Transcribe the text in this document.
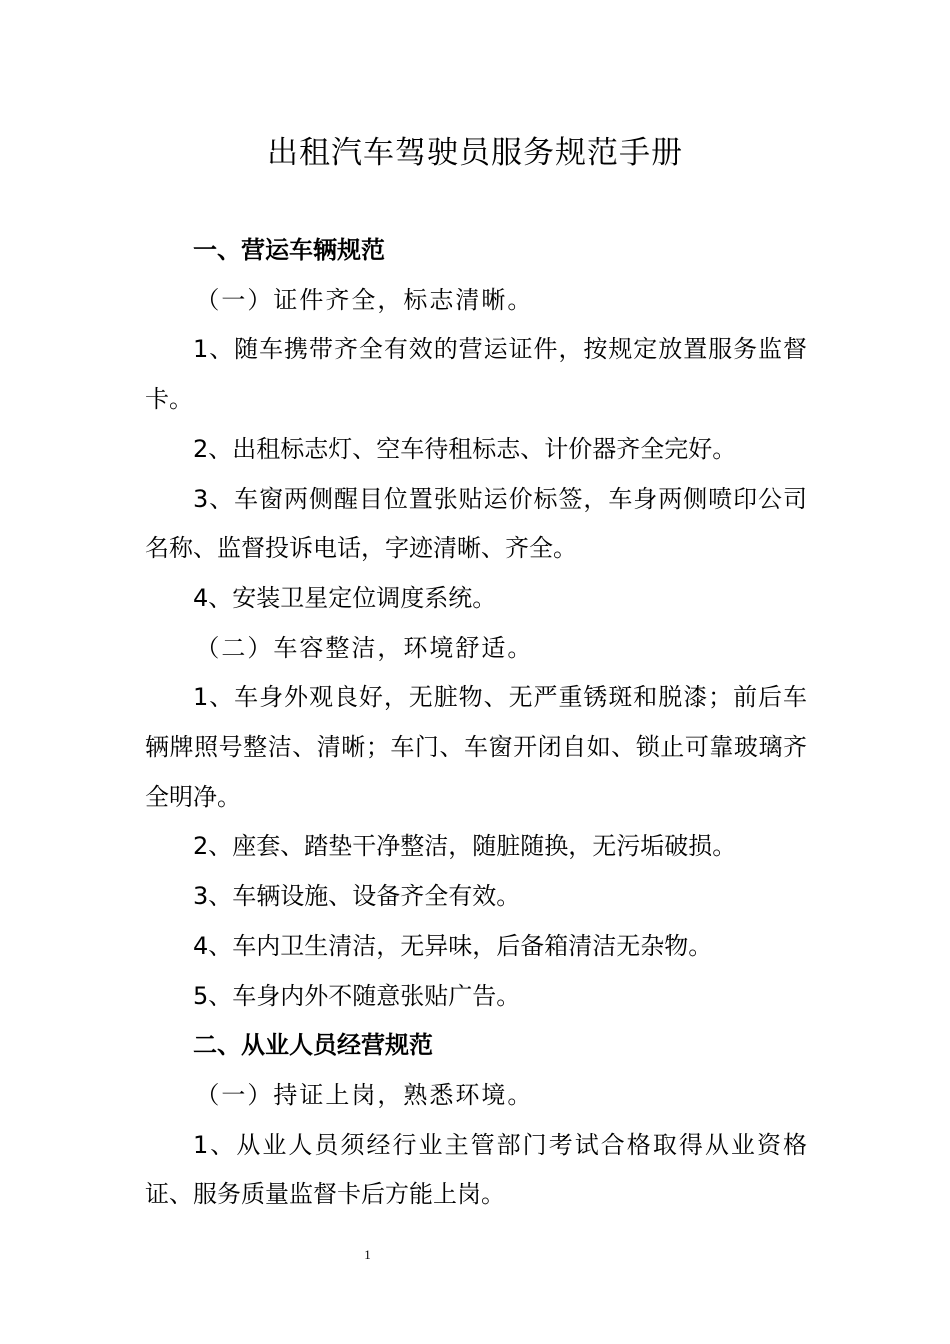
出租汽车驾驶员服务规范手册

一、营运车辆规范

（一）证件齐全，标志清晰。

1、随车携带齐全有效的营运证件，按规定放置服务监督卡。

2、出租标志灯、空车待租标志、计价器齐全完好。

3、车窗两侧醒目位置张贴运价标签，车身两侧喷印公司名称、监督投诉电话，字迹清晰、齐全。

4、安装卫星定位调度系统。

（二）车容整洁，环境舒适。

1、车身外观良好，无脏物、无严重锈斑和脱漆；前后车辆牌照号整洁、清晰；车门、车窗开闭自如、锁止可靠玻璃齐全明净。

2、座套、踏垫干净整洁，随脏随换，无污垢破损。

3、车辆设施、设备齐全有效。

4、车内卫生清洁，无异味，后备箱清洁无杂物。

5、车身内外不随意张贴广告。

二、从业人员经营规范

（一）持证上岗，熟悉环境。

1、从业人员须经行业主管部门考试合格取得从业资格证、服务质量监督卡后方能上岗。

1
